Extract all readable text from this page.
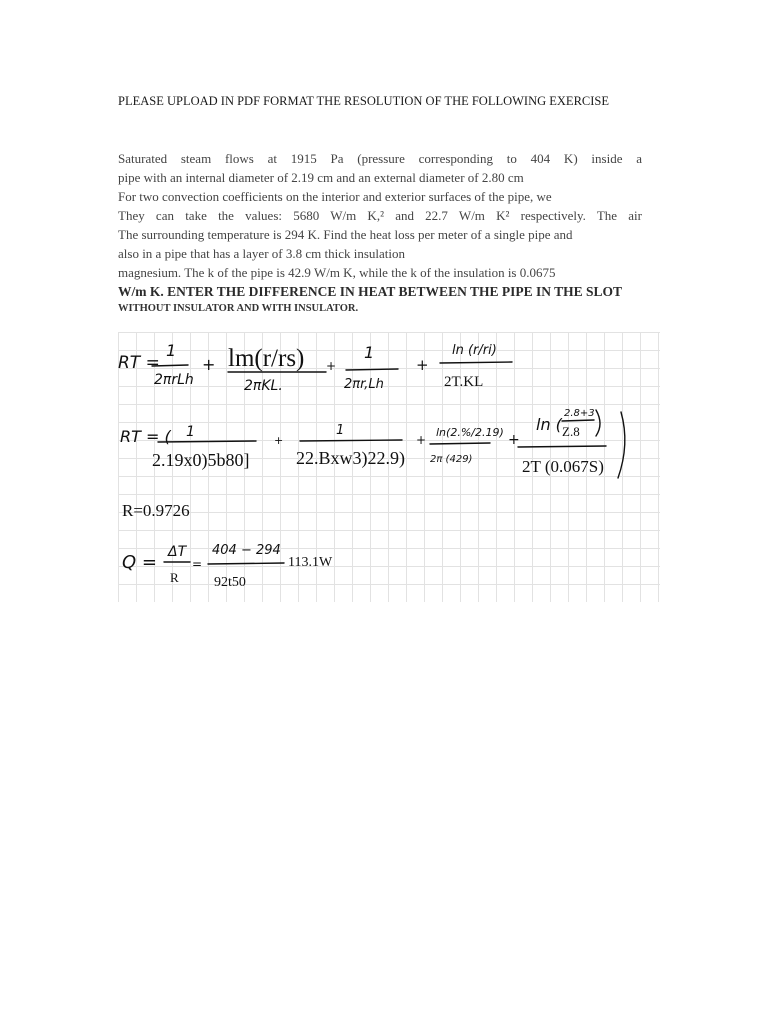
PLEASE UPLOAD IN PDF FORMAT THE RESOLUTION OF THE FOLLOWING EXERCISE
Saturated steam flows at 1915 Pa (pressure corresponding to 404 K) inside a
pipe with an internal diameter of 2.19 cm and an external diameter of 2.80 cm
For two convection coefficients on the interior and exterior surfaces of the pipe, we
They can take the values: 5680 W/m K,² and 22.7 W/m K² respectively. The air
The surrounding temperature is 294 K. Find the heat loss per meter of a single pipe and
also in a pipe that has a layer of 3.8 cm thick insulation
magnesium. The k of the pipe is 42.9 W/m K, while the k of the insulation is 0.0675
W/m K. ENTER THE DIFFERENCE IN HEAT BETWEEN THE PIPE IN THE SLOT
WITHOUT INSULATOR AND WITH INSULATOR.
RT =
1
2πrLh
+ lm(r/rs)
2πKL.
+
1
2πr,Lh
+
ln (r/ri)
2T.KL
RT = ( 1
2.19x0)5b80]
+
1
22.Bxw3)22.9)
+
ln(2.%/2.19)
2π (429)
+
ln (
2.8+3
Z.8
2T (0.067S)
R=0.9726
Q = ΔT
R
=
404 − 294
92t50
113.1W
